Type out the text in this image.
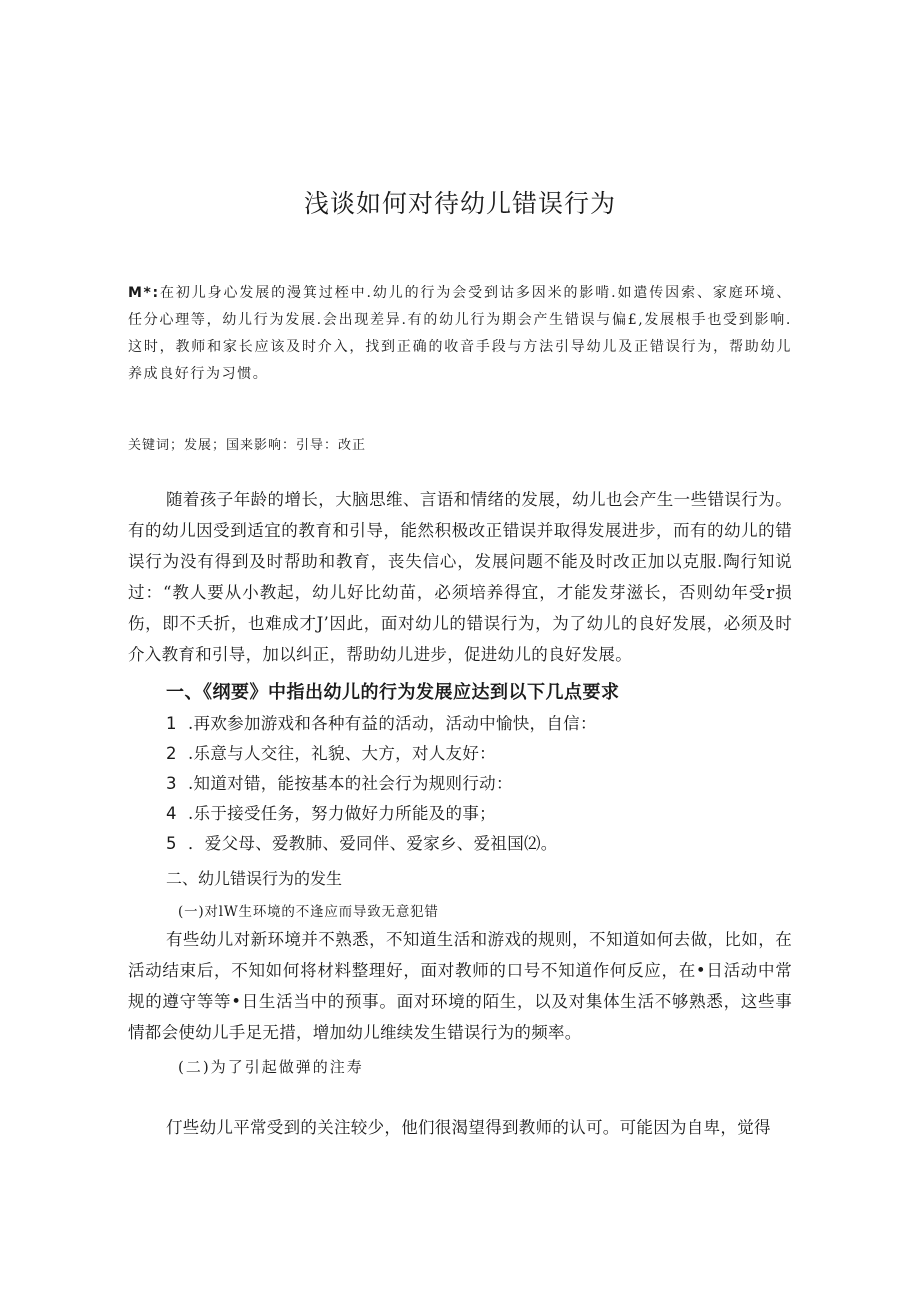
浅谈如何对待幼儿错误行为
M*:在初儿身心发展的漫箕过桎中.幼儿的行为会受到诂多因米的影啃.如遣传因索、家庭环境、任分心理等，幼儿行为发展.会出现差异.有的幼儿行为期会产生错误与偏£,发展根手也受到影响.这时，教师和家长应该及时介入，找到正确的收音手段与方法引导幼儿及正错误行为，帮助幼儿养成良好行为习惯。
关键词；发展；国来影响：引导：改正

随着孩子年龄的增长，大脑思维、言语和情绪的发展，幼儿也会产生一些错误行为。有的幼儿因受到适宜的教育和引导，能然积极改正错误并取得发展进步，而有的幼儿的错误行为没有得到及时帮助和教育，丧失信心，发展问题不能及时改正加以克服.陶行知说过：“教人要从小教起，幼儿好比幼苗，必须培养得宜，才能发芽滋长，否则幼年受r损伤，即不夭折，也难成才J’因此，面对幼儿的错误行为，为了幼儿的良好发展，必须及时介入教育和引导，加以纠正，帮助幼儿进步，促进幼儿的良好发展。

一、《纲要》中指出幼儿的行为发展应达到以下几点要求
1 .再欢参加游戏和各种有益的活动，活动中愉快，自信：
2 .乐意与人交往，礼貌、大方，对人友好：
3 .知道对错，能按基本的社会行为规则行动：
4 .乐于接受任务，努力做好力所能及的事；
5 ．爱父母、爱教肺、爱同伴、爱家乡、爱祖国⑵。
二、幼儿错误行为的发生
(一)对lW生环境的不逢应而导致无意犯错

有些幼儿对新环境并不熟悉，不知道生活和游戏的规则，不知道如何去做，比如，在活动结束后，不知如何将材料整理好，面对教师的口号不知道作何反应，在•日活动中常规的遵守等等•日生活当中的预事。面对环境的陌生，以及对集体生活不够熟悉，这些事情都会使幼儿手足无措，增加幼儿维续发生错误行为的频率。

(二)为了引起做弹的注寿

仃些幼儿平常受到的关注较少，他们很渴望得到教师的认可。可能因为自卑，觉得
